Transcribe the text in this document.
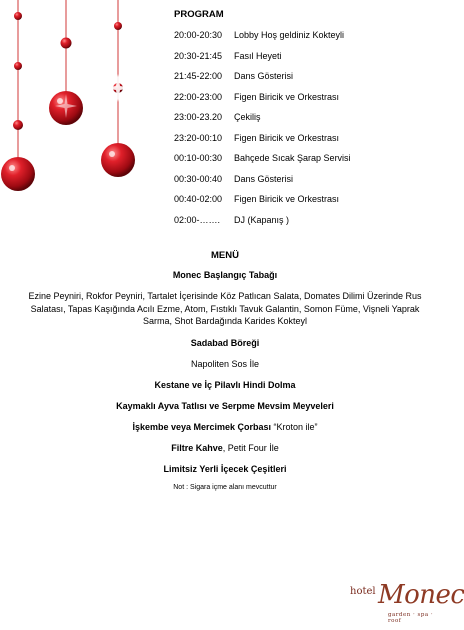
PROGRAM
20:00-20:30 Lobby Hoş geldiniz Kokteyli
20:30-21:45 Fasıl Heyeti
21:45-22:00 Dans Gösterisi
22:00-23:00 Figen Biricik ve Orkestrası
23:00-23.20 Çekiliş
23:20-00:10 Figen Biricik ve Orkestrası
00:10-00:30 Bahçede Sıcak Şarap Servisi
00:30-00:40 Dans Gösterisi
00:40-02:00 Figen Biricik ve Orkestrası
02:00-……. DJ (Kapanış )
MENÜ
Monec Başlangıç Tabağı
Ezine Peyniri, Rokfor Peyniri, Tartalet İçerisinde Köz Patlıcan Salata, Domates Dilimi Üzerinde Rus Salatası, Tapas Kaşığında Acılı Ezme, Atom, Fıstıklı Tavuk Galantin, Somon Füme, Vişneli Yaprak Sarma, Shot Bardağında Karides Kokteyl
Sadabad Böreği
Napoliten Sos İle
Kestane ve İç Pilavlı Hindi Dolma
Kaymaklı Ayva Tatlısı ve Serpme Mevsim Meyveleri
İşkembe veya Mercimek Çorbası “Kroton ile”
Filtre Kahve, Petit Four İle
Limitsiz Yerli İçecek Çeşitleri
Not : Sigara içme alanı mevcuttur
hotel Monec
garden · spa · roof
